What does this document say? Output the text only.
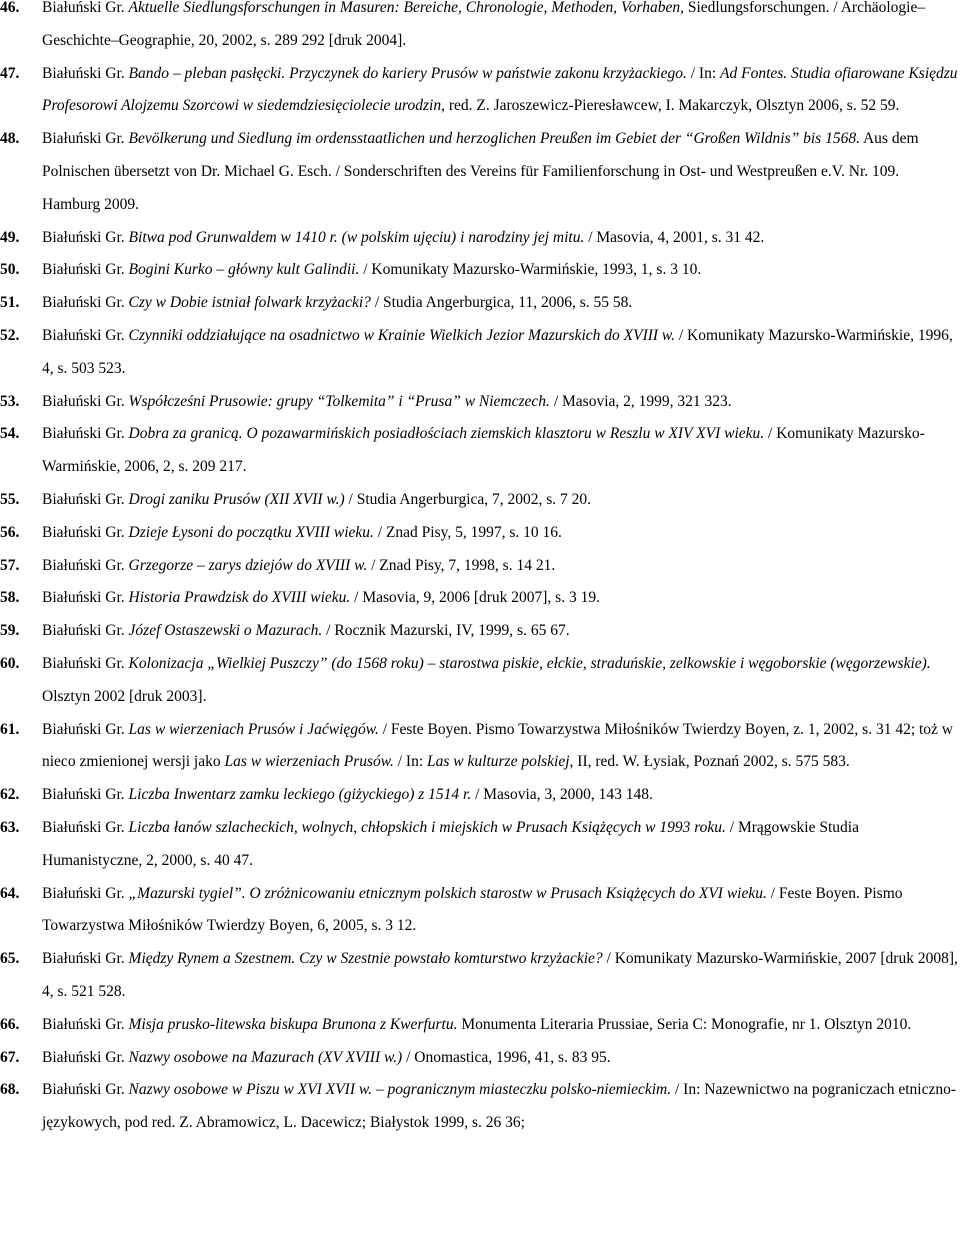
46. Białuński Gr. Aktuelle Siedlungsforschungen in Masuren: Bereiche, Chronologie, Methoden, Vorhaben, Siedlungsforschungen. / Archäologie–Geschichte–Geographie, 20, 2002, s. 289 292 [druk 2004].

47. Białuński Gr. Bando – pleban pasłęcki. Przyczynek do kariery Prusów w państwie zakonu krzyżackiego. / In: Ad Fontes. Studia ofiarowane Księdzu Profesorowi Alojzemu Szorcowi w siedemdziesięciolecie urodzin, red. Z. Jaroszewicz-Pieresławcew, I. Makarczyk, Olsztyn 2006, s. 52 59.

48. Białuński Gr. Bevölkerung und Siedlung im ordensstaatlichen und herzoglichen Preußen im Gebiet der “Großen Wildnis” bis 1568. Aus dem Polnischen übersetzt von Dr. Michael G. Esch. / Sonderschriften des Vereins für Familienforschung in Ost- und Westpreußen e.V. Nr. 109. Hamburg 2009.

49. Białuński Gr. Bitwa pod Grunwaldem w 1410 r. (w polskim ujęciu) i narodziny jej mitu. / Masovia, 4, 2001, s. 31 42.

50. Białuński Gr. Bogini Kurko – główny kult Galindii. / Komunikaty Mazursko-Warmińskie, 1993, 1, s. 3 10.

51. Białuński Gr. Czy w Dobie istniał folwark krzyżacki? / Studia Angerburgica, 11, 2006, s. 55 58.

52. Białuński Gr. Czynniki oddziałujące na osadnictwo w Krainie Wielkich Jezior Mazurskich do XVIII w. / Komunikaty Mazursko-Warmińskie, 1996, 4, s. 503 523.

53. Białuński Gr. Współcześni Prusowie: grupy “Tolkemita” i “Prusa” w Niemczech. / Masovia, 2, 1999, 321 323.

54. Białuński Gr. Dobra za granicą. O pozawarmińskich posiadłościach ziemskich klasztoru w Reszlu w XIV XVI wieku. / Komunikaty Mazursko-Warmińskie, 2006, 2, s. 209 217.

55. Białuński Gr. Drogi zaniku Prusów (XII XVII w.) / Studia Angerburgica, 7, 2002, s. 7 20.

56. Białuński Gr. Dzieje Łysoni do początku XVIII wieku. / Znad Pisy, 5, 1997, s. 10 16.

57. Białuński Gr. Grzegorze – zarys dziejów do XVIII w. / Znad Pisy, 7, 1998, s. 14 21.

58. Białuński Gr. Historia Prawdzisk do XVIII wieku. / Masovia, 9, 2006 [druk 2007], s. 3 19.

59. Białuński Gr. Józef Ostaszewski o Mazurach. / Rocznik Mazurski, IV, 1999, s. 65 67.

60. Białuński Gr. Kolonizacja „Wielkiej Puszczy” (do 1568 roku) – starostwa piskie, ełckie, straduńskie, zelkowskie i węgoborskie (węgorzewskie). Olsztyn 2002 [druk 2003].

61. Białuński Gr. Las w wierzeniach Prusów i Jaćwięgów. / Feste Boyen. Pismo Towarzystwa Miłośników Twierdzy Boyen, z. 1, 2002, s. 31 42; toż w nieco zmienionej wersji jako Las w wierzeniach Prusów. / In: Las w kulturze polskiej, II, red. W. Łysiak, Poznań 2002, s. 575 583.

62. Białuński Gr. Liczba Inwentarz zamku leckiego (giżyckiego) z 1514 r. / Masovia, 3, 2000, 143 148.

63. Białuński Gr. Liczba łanów szlacheckich, wolnych, chłopskich i miejskich w Prusach Książęcych w 1993 roku. / Mrągowskie Studia Humanistyczne, 2, 2000, s. 40 47.

64. Białuński Gr. „Mazurski tygiel”. O zróżnicowaniu etnicznym polskich starostw w Prusach Książęcych do XVI wieku. / Feste Boyen. Pismo Towarzystwa Miłośników Twierdzy Boyen, 6, 2005, s. 3 12.

65. Białuński Gr. Między Rynem a Szestnem. Czy w Szestnie powstało komturstwo krzyżackie? / Komunikaty Mazursko-Warmińskie, 2007 [druk 2008], 4, s. 521 528.

66. Białuński Gr. Misja prusko-litewska biskupa Brunona z Kwerfurtu. Monumenta Literaria Prussiae, Seria C: Monografie, nr 1. Olsztyn 2010.

67. Białuński Gr. Nazwy osobowe na Mazurach (XV XVIII w.) / Onomastica, 1996, 41, s. 83 95.

68. Białuński Gr. Nazwy osobowe w Piszu w XVI XVII w. – pogranicznym miasteczku polsko-niemieckim. / In: Nazewnictwo na pograniczach etniczno-językowych, pod red. Z. Abramowicz, L. Dacewicz; Białystok 1999, s. 26 36;
